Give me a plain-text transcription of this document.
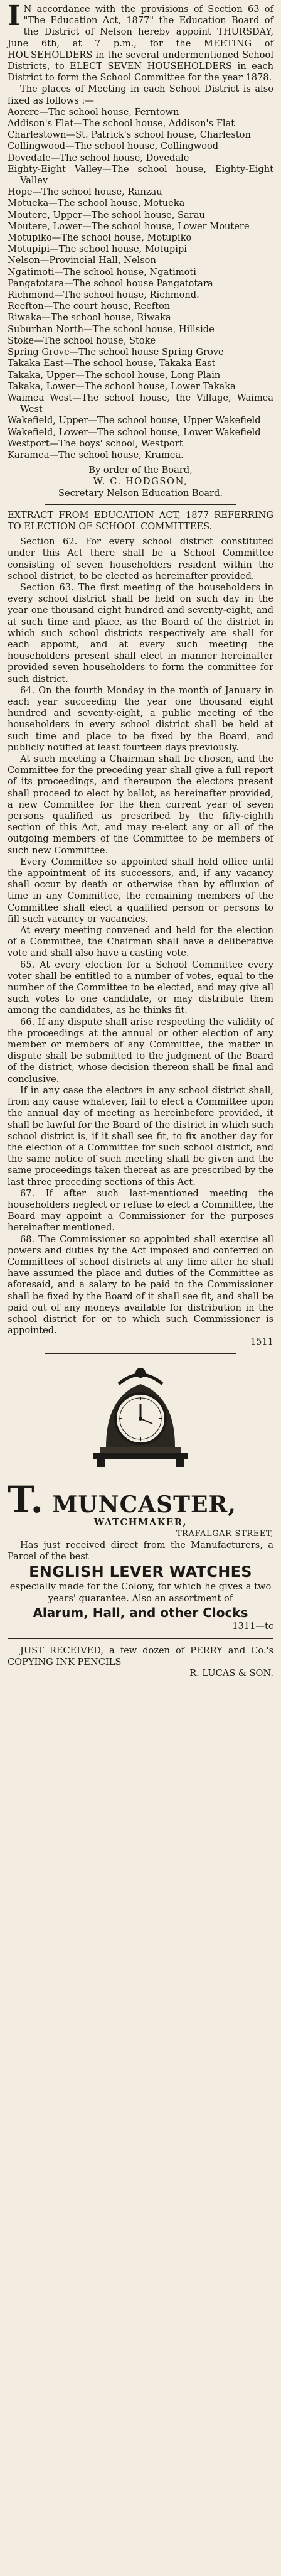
I N accordance with the provisions of Section 63 of "The Education Act, 1877" the Education Board of the District of Nelson hereby appoint THURSDAY, June 6th, at 7 p.m., for the MEETING of HOUSEHOLDERS in the several undermentioned School Districts, to ELECT SEVEN HOUSEHOLDERS in each District to form the School Committee for the year 1878.

The places of Meeting in each School District is also fixed as follows :—

Aorere—The school house, Ferntown

Addison's Flat—The school house, Addison's Flat

Charlestown—St. Patrick's school house, Charleston

Collingwood—The school house, Collingwood

Dovedale—The school house, Dovedale

Eighty-Eight Valley—The school house, Eighty-Eight Valley

Hope—The school house, Ranzau

Motueka—The school house, Motueka

Moutere, Upper—The school house, Sarau

Moutere, Lower—The school house, Lower Moutere

Motupiko—The school house, Motupiko

Motupipi—The school house, Motupipi

Nelson—Provincial Hall, Nelson

Ngatimoti—The school house, Ngatimoti

Pangatotara—The school house Pangatotara

Richmond—The school house, Richmond.

Reefton—The court house, Reefton

Riwaka—The school house, Riwaka

Suburban North—The school house, Hillside

Stoke—The school house, Stoke

Spring Grove—The school house Spring Grove

Takaka East—The school house, Takaka East

Takaka, Upper—The school house, Long Plain

Takaka, Lower—The school house, Lower Takaka

Waimea West—The school house, the Village, Waimea West

Wakefield, Upper—The school house, Upper Wakefield

Wakefield, Lower—The school house, Lower Wakefield

Westport—The boys' school, Westport

Karamea—The school house, Kramea.

By order of the Board,

W. C. HODGSON,

Secretary Nelson Education Board.

EXTRACT FROM EDUCATION ACT, 1877 REFERRING TO ELECTION OF SCHOOL COMMITTEES.

Section 62. For every school district constituted under this Act there shall be a School Committee consisting of seven householders resident within the school district, to be elected as hereinafter provided.

Section 63. The first meeting of the householders in every school district shall be held on such day in the year one thousand eight hundred and seventy-eight, and at such time and place, as the Board of the district in which such school districts respectively are shall for each appoint, and at every such meeting the householders present shall elect in manner hereinafter provided seven householders to form the committee for such district.

64. On the fourth Monday in the month of January in each year succeeding the year one thousand eight hundred and seventy-eight, a public meeting of the householders in every school district shall be held at such time and place to be fixed by the Board, and publicly notified at least fourteen days previously.

At such meeting a Chairman shall be chosen, and the Committee for the preceding year shall give a full report of its proceedings, and thereupon the electors present shall proceed to elect by ballot, as hereinafter provided, a new Committee for the then current year of seven persons qualified as prescribed by the fifty-eighth section of this Act, and may re-elect any or all of the outgoing members of the Committee to be members of such new Committee.

Every Committee so appointed shall hold office until the appointment of its successors, and, if any vacancy shall occur by death or otherwise than by effluxion of time in any Committee, the remaining members of the Committee shall elect a qualified person or persons to fill such vacancy or vacancies.

At every meeting convened and held for the election of a Committee, the Chairman shall have a deliberative vote and shall also have a casting vote.

65. At every election for a School Committee every voter shall be entitled to a number of votes, equal to the number of the Committee to be elected, and may give all such votes to one candidate, or may distribute them among the candidates, as he thinks fit.

66. If any dispute shall arise respecting the validity of the proceedings at the annual or other election of any member or members of any Committee, the matter in dispute shall be submitted to the judgment of the Board of the district, whose decision thereon shall be final and conclusive.

If in any case the electors in any school district shall, from any cause whatever, fail to elect a Committee upon the annual day of meeting as hereinbefore provided, it shall be lawful for the Board of the district in which such school district is, if it shall see fit, to fix another day for the election of a Committee for such school district, and the same notice of such meeting shall be given and the same proceedings taken thereat as are prescribed by the last three preceding sections of this Act.

67. If after such last-mentioned meeting the householders neglect or refuse to elect a Committee, the Board may appoint a Commissioner for the purposes hereinafter mentioned.

68. The Commissioner so appointed shall exercise all powers and duties by the Act imposed and conferred on Committees of school districts at any time after he shall have assumed the place and duties of the Committee as aforesaid, and a salary to be paid to the Commissioner shall be fixed by the Board of it shall see fit, and shall be paid out of any moneys available for distribution in the school district for or to which such Commissioner is appointed.

1511

T. MUNCASTER,

WATCHMAKER,

TRAFALGAR-STREET,

Has just received direct from the Manufacturers, a Parcel of the best

ENGLISH LEVER WATCHES

especially made for the Colony, for which he gives a two years' guarantee. Also an assortment of

Alarum, Hall, and other Clocks

1311—tc

JUST RECEIVED, a few dozen of PERRY and Co.'s COPYING INK PENCILS

R. LUCAS & SON.
